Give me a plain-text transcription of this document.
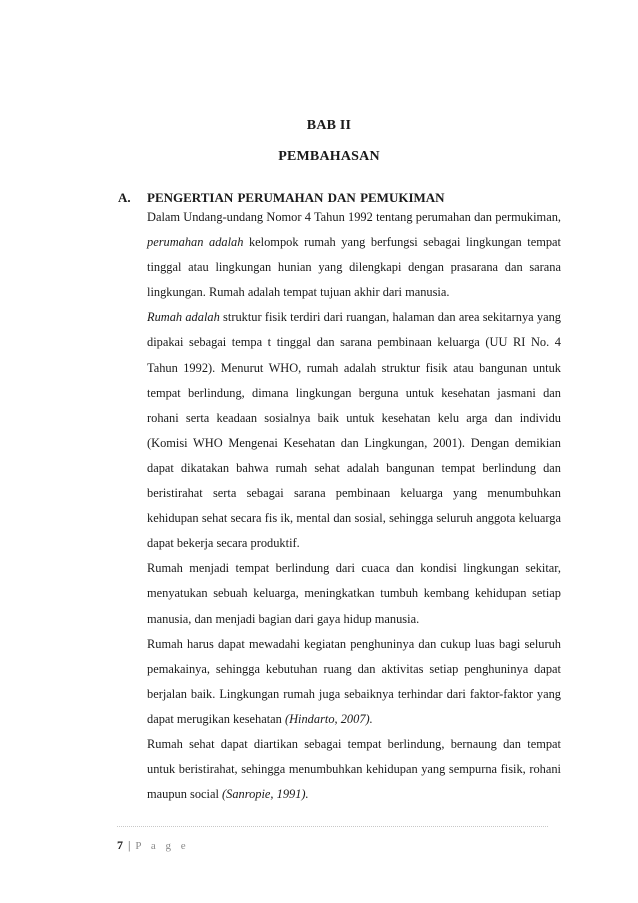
BAB II
PEMBAHASAN
A. PENGERTIAN PERUMAHAN DAN PEMUKIMAN

Dalam Undang-undang Nomor 4 Tahun 1992 tentang perumahan dan permukiman, perumahan adalah kelompok rumah yang berfungsi sebagai lingkungan tempat tinggal atau lingkungan hunian yang dilengkapi dengan prasarana dan sarana lingkungan. Rumah adalah tempat tujuan akhir dari manusia.

Rumah adalah struktur fisik terdiri dari ruangan, halaman dan area sekitarnya yang dipakai sebagai tempa t tinggal dan sarana pembinaan keluarga (UU RI No. 4 Tahun 1992). Menurut WHO, rumah adalah struktur fisik atau bangunan untuk tempat berlindung, dimana lingkungan berguna untuk kesehatan jasmani dan rohani serta keadaan sosialnya baik untuk kesehatan kelu arga dan individu (Komisi WHO Mengenai Kesehatan dan Lingkungan, 2001). Dengan demikian dapat dikatakan bahwa rumah sehat adalah bangunan tempat berlindung dan beristirahat serta sebagai sarana pembinaan keluarga yang menumbuhkan kehidupan sehat secara fis ik, mental dan sosial, sehingga seluruh anggota keluarga dapat bekerja secara produktif.

Rumah menjadi tempat berlindung dari cuaca dan kondisi lingkungan sekitar, menyatukan sebuah keluarga, meningkatkan tumbuh kembang kehidupan setiap manusia, dan menjadi bagian dari gaya hidup manusia.

Rumah harus dapat mewadahi kegiatan penghuninya dan cukup luas bagi seluruh pemakainya, sehingga kebutuhan ruang dan aktivitas setiap penghuninya dapat berjalan baik. Lingkungan rumah juga sebaiknya terhindar dari faktor-faktor yang dapat merugikan kesehatan (Hindarto, 2007).

Rumah sehat dapat diartikan sebagai tempat berlindung, bernaung dan tempat untuk beristirahat, sehingga menumbuhkan kehidupan yang sempurna fisik, rohani maupun social (Sanropie, 1991).

7 | P a g e
